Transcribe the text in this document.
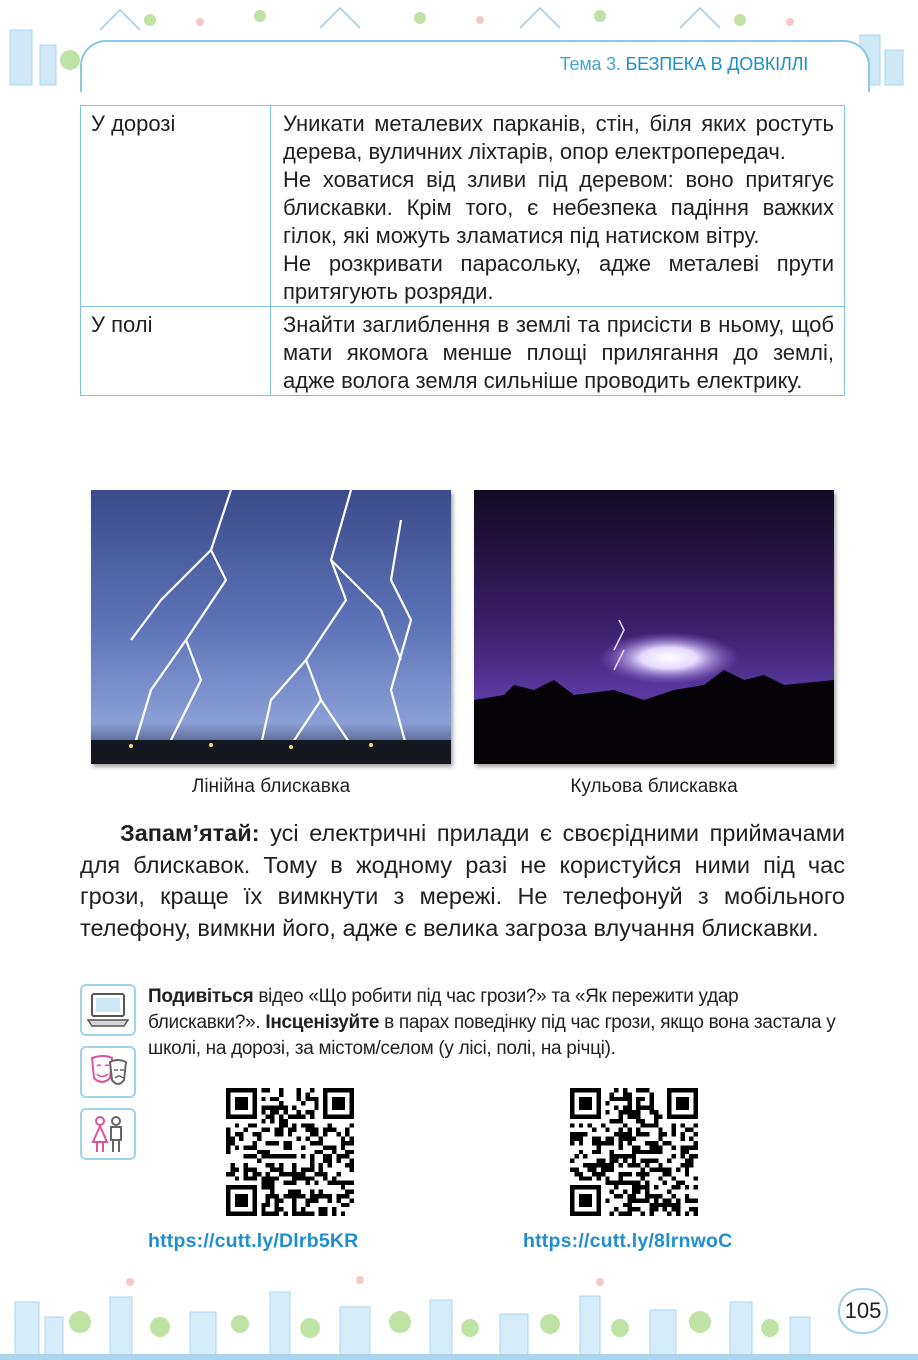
Тема 3. БЕЗПЕКА В ДОВКІЛЛІ
У дорозі	Уникати металевих парканів, стін, біля яких ростуть дерева, вуличних ліхтарів, опор електропередач.

Не ховатися від зливи під деревом: воно притягує блискавки. Крім того, є небезпека падіння важких гілок, які можуть зламатися під натиском вітру.

Не розкривати парасольку, адже металеві прути притягують розряди.

У полі	Знайти заглиблення в землі та присісти в ньому, щоб мати якомога менше площі прилягання до землі, адже волога земля сильніше проводить електрику.

Лінійна блискавка	Кульова блискавка

Запам’ятай: усі електричні прилади є своєрідними приймачами для блискавок. Тому в жодному разі не користуйся ними під час грози, краще їх вимкнути з мережі. Не телефонуй з мобільного телефону, вимкни його, адже є велика загроза влучання блискавки.

Подивіться відео «Що робити під час грози?» та «Як пережити удар блискавки?». Інсценізуйте в парах поведінку під час грози, якщо вона застала у школі, на дорозі, за містом/селом (у лісі, полі, на річці).

https://cutt.ly/Dlrb5KR	https://cutt.ly/8lrnwoC
105
